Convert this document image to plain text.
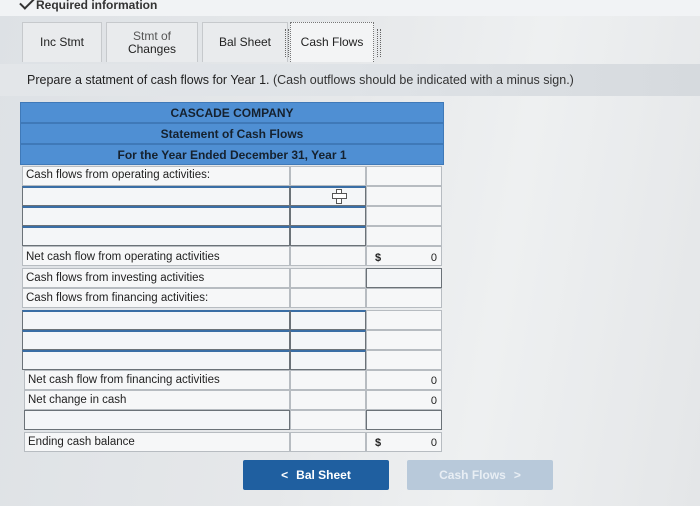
Required information
Inc Stmt	Stmt of
Changes	Bal Sheet Cash Flows
Prepare a statment of cash flows for Year 1. (Cash outflows should be indicated with a minus sign.)
CASCADE COMPANY
Statement of Cash Flows
For the Year Ended December 31, Year 1
Cash flows from operating activities:
Net cash flow from operating activities	$	0
Cash flows from investing activities
Cash flows from financing activities:
Net cash flow from financing activities	0
Net change in cash	0
Ending cash balance	$	0
< Bal Sheet	Cash Flows >
